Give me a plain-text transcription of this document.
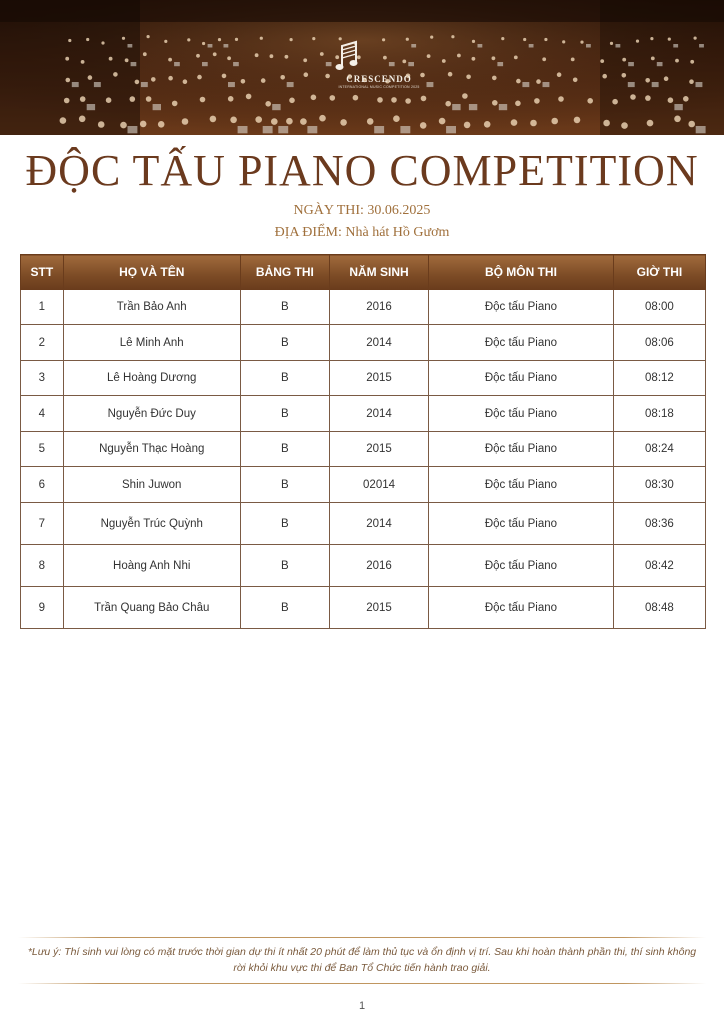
CRESCENDO
INTERNATIONAL MUSIC COMPETITION 2025
ĐỘC TẤU PIANO COMPETITION
NGÀY THI: 30.06.2025
ĐỊA ĐIỂM: Nhà hát Hồ Gươm
STT	HỌ VÀ TÊN	BẢNG THI	NĂM SINH	BỘ MÔN THI	GIỜ THI
1	Trần Bảo Anh	B	2016	Độc tấu Piano	08:00
2	Lê Minh Anh	B	2014	Độc tấu Piano	08:06
3	Lê Hoàng Dương	B	2015	Độc tấu Piano	08:12
4	Nguyễn Đức Duy	B	2014	Độc tấu Piano	08:18
5	Nguyễn Thạc Hoàng	B	2015	Độc tấu Piano	08:24
6	Shin Juwon	B	02014	Độc tấu Piano	08:30
7	Nguyễn Trúc Quỳnh	B	2014	Độc tấu Piano	08:36
8	Hoàng Anh Nhi	B	2016	Độc tấu Piano	08:42
9	Trần Quang Bảo Châu	B	2015	Độc tấu Piano	08:48
*Lưu ý: Thí sinh vui lòng có mặt trước thời gian dự thi ít nhất 20 phút để làm thủ tục và ổn định vị trí. Sau khi hoàn thành phần thi, thí sinh không rời khỏi khu vực thi để Ban Tổ Chức tiến hành trao giải.
1
